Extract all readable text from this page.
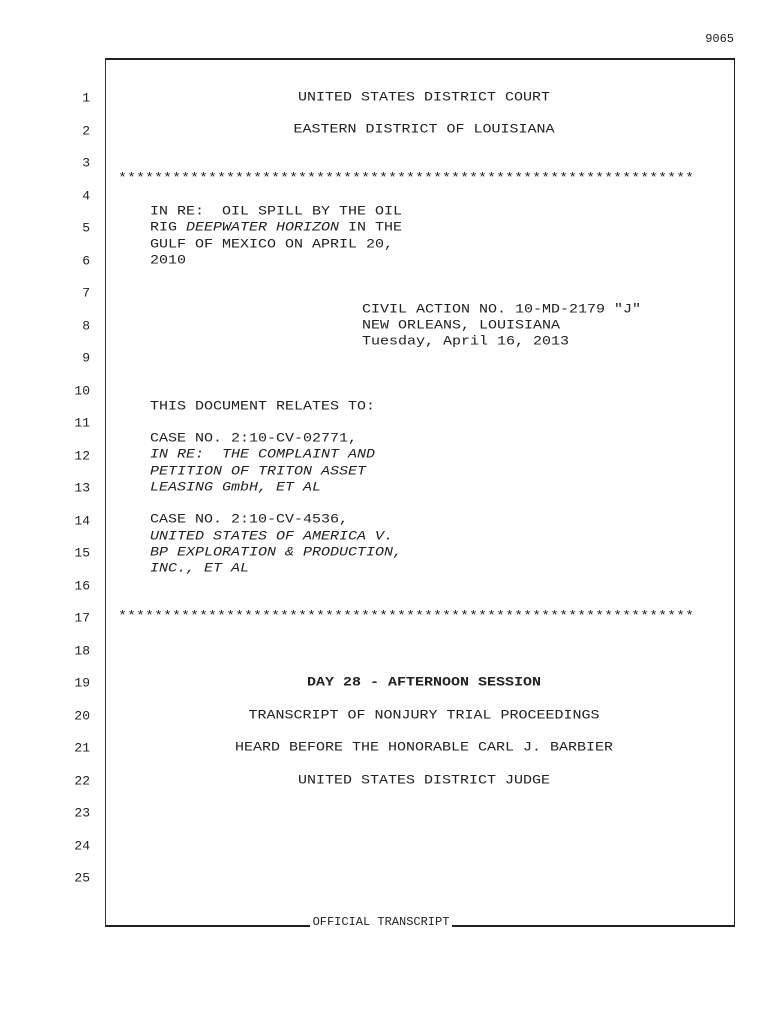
9065
1
2
3
4
5
6
7
8
9
10
11
12
13
14
15
16
17
18
19
20
21
22
23
24
25
UNITED STATES DISTRICT COURT
EASTERN DISTRICT OF LOUISIANA
****************************************************************
IN RE:  OIL SPILL BY THE OIL
RIG DEEPWATER HORIZON IN THE
GULF OF MEXICO ON APRIL 20,
2010
CIVIL ACTION NO. 10-MD-2179 "J"
NEW ORLEANS, LOUISIANA
Tuesday, April 16, 2013
THIS DOCUMENT RELATES TO:
CASE NO. 2:10-CV-02771,
IN RE:  THE COMPLAINT AND
PETITION OF TRITON ASSET
LEASING GmbH, ET AL
CASE NO. 2:10-CV-4536,
UNITED STATES OF AMERICA V.
BP EXPLORATION & PRODUCTION,
INC., ET AL
****************************************************************
DAY 28 - AFTERNOON SESSION
TRANSCRIPT OF NONJURY TRIAL PROCEEDINGS
HEARD BEFORE THE HONORABLE CARL J. BARBIER
UNITED STATES DISTRICT JUDGE
OFFICIAL TRANSCRIPT
